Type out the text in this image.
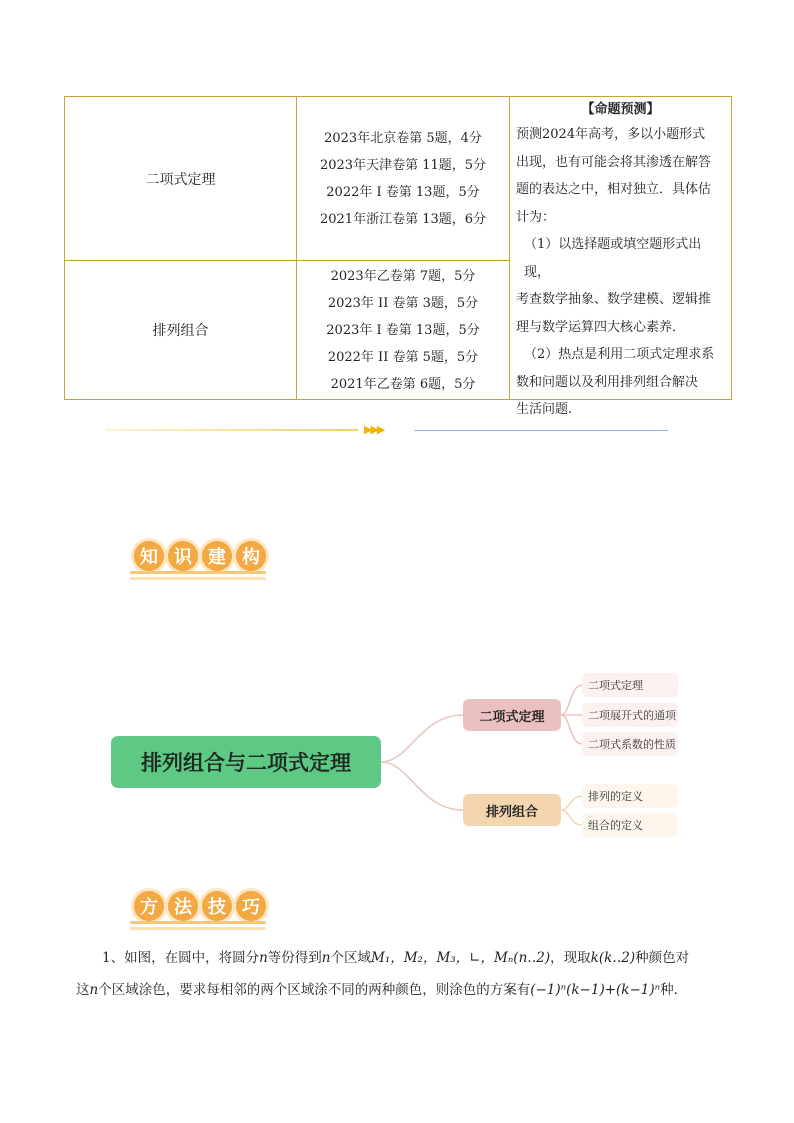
二项式定理
2023年北京卷第 5题，4分
2023年天津卷第 11题，5分
2022年 I 卷第 13题，5分
2021年浙江卷第 13题，6分
排列组合
2023年乙卷第 7题，5分
2023年 II 卷第 3题，5分
2023年 I 卷第 13题，5分
2022年 II 卷第 5题，5分
2021年乙卷第 6题，5分
【命题预测】

预测2024年高考，多以小题形式

出现，也有可能会将其渗透在解答

题的表达之中，相对独立．具体估

计为：

（1）以选择题或填空题形式出现，

考查数学抽象、数学建模、逻辑推

理与数学运算四大核心素养．

（2）热点是利用二项式定理求系

数和问题以及利用排列组合解决

生活问题.

▶▶▶
知 识 建 构
排列组合与二项式定理
二项式定理
排列组合
二项式定理
二项展开式的通项
二项式系数的性质
排列的定义
组合的定义
方 法 技 巧

1、如图，在圆中，将圆分n等份得到n个区域M₁，M₂，M₃，∟，Mₙ(n‥2)，现取k(k‥2)种颜色对

这n个区域涂色，要求每相邻的两个区域涂不同的两种颜色，则涂色的方案有(−1)ⁿ(k−1)+(k−1)ⁿ种．
